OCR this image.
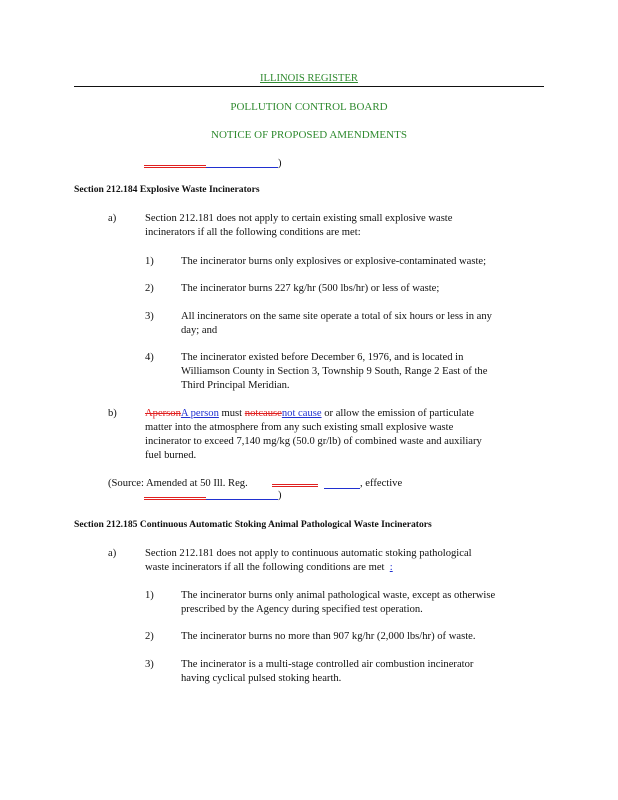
ILLINOIS REGISTER
POLLUTION CONTROL BOARD
NOTICE OF PROPOSED AMENDMENTS
)
Section 212.184 Explosive Waste Incinerators
a)	Section 212.181 does not apply to certain existing small explosive waste
incinerators if all the following conditions are met:
1)	The incinerator burns only explosives or explosive-contaminated waste;
2)	The incinerator burns 227 kg/hr (500 lbs/hr) or less of waste;
3)	All incinerators on the same site operate a total of six hours or less in any
day; and
4)	The incinerator existed before December 6, 1976, and is located in
Williamson County in Section 3, Township 9 South, Range 2 East of the
Third Principal Meridian.
b)	ApersonA person must notcausenot cause or allow the emission of particulate
matter into the atmosphere from any such existing small explosive waste
incinerator to exceed 7,140 mg/kg (50.0 gr/lb) of combined waste and auxiliary
fuel burned.
(Source: Amended at 50 Ill. Reg.	, effective
)
Section 212.185 Continuous Automatic Stoking Animal Pathological Waste Incinerators
a)	Section 212.181 does not apply to continuous automatic stoking pathological
waste incinerators if all the following conditions are met :
1)	The incinerator burns only animal pathological waste, except as otherwise
prescribed by the Agency during specified test operation.
2)	The incinerator burns no more than 907 kg/hr (2,000 lbs/hr) of waste.
3)	The incinerator is a multi-stage controlled air combustion incinerator
having cyclical pulsed stoking hearth.
